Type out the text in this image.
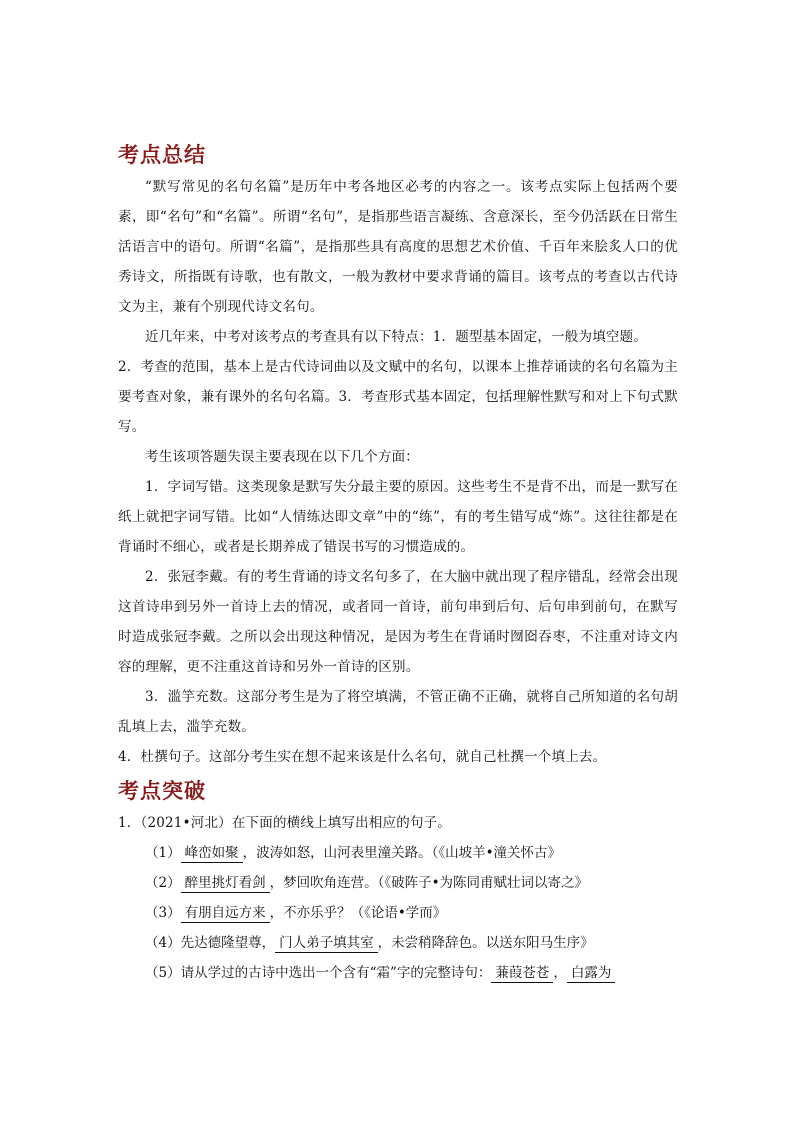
考点总结

“默写常见的名句名篇”是历年中考各地区必考的内容之一。该考点实际上包括两个要素，即“名句”和“名篇”。所谓“名句”，是指那些语言凝练、含意深长，至今仍活跃在日常生活语言中的语句。所谓“名篇”，是指那些具有高度的思想艺术价值、千百年来脍炙人口的优秀诗文，所指既有诗歌，也有散文，一般为教材中要求背诵的篇目。该考点的考查以古代诗文为主，兼有个别现代诗文名句。

近几年来，中考对该考点的考查具有以下特点：1．题型基本固定，一般为填空题。

2．考查的范围，基本上是古代诗词曲以及文赋中的名句，以课本上推荐诵读的名句名篇为主要考查对象，兼有课外的名句名篇。3．考查形式基本固定，包括理解性默写和对上下句式默写。

考生该项答题失误主要表现在以下几个方面：

1．字词写错。这类现象是默写失分最主要的原因。这些考生不是背不出，而是一默写在纸上就把字词写错。比如“人情练达即文章”中的“练”，有的考生错写成“炼”。这往往都是在背诵时不细心，或者是长期养成了错误书写的习惯造成的。

2．张冠李戴。有的考生背诵的诗文名句多了，在大脑中就出现了程序错乱，经常会出现这首诗串到另外一首诗上去的情况，或者同一首诗，前句串到后句、后句串到前句，在默写时造成张冠李戴。之所以会出现这种情况，是因为考生在背诵时囫囵吞枣，不注重对诗文内容的理解，更不注重这首诗和另外一首诗的区别。

3．滥竽充数。这部分考生是为了将空填满，不管正确不正确，就将自己所知道的名句胡乱填上去，滥竽充数。

4．杜撰句子。这部分考生实在想不起来该是什么名句，就自己杜撰一个填上去。

考点突破

1．（2021•河北）在下面的横线上填写出相应的句子。

（1） 峰峦如聚 ，波涛如怒，山河表里潼关路。（《山坡羊•潼关怀古》
（2） 醉里挑灯看剑 ，梦回吹角连营。（《破阵子•为陈同甫赋壮词以寄之》
（3） 有朋自远方来 ，不亦乐乎？（《论语•学而》
（4）先达德隆望尊， 门人弟子填其室 ，未尝稍降辞色。以送东阳马生序》
（5）请从学过的古诗中选出一个含有“霜”字的完整诗句： 蒹葭苍苍 ， 白露为
